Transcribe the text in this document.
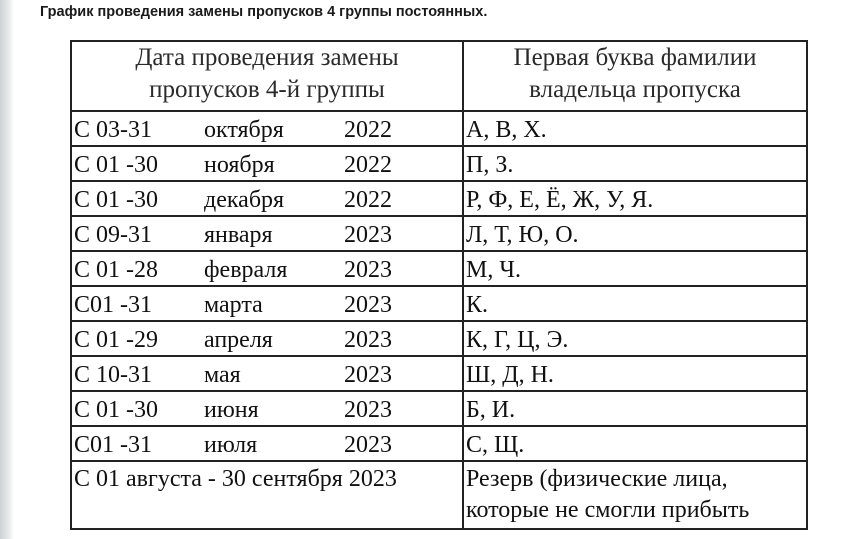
График проведения замены пропусков 4 группы постоянных.
Дата проведения замены
пропусков 4-й группы	Первая буква фамилии
владельца пропуска

С 03-31 октября 2022	А, В, Х.

С 01 -30 ноября 2022	П, З.

С 01 -30 декабря 2022	Р, Ф, Е, Ё, Ж, У, Я.

С 09-31 января 2023	Л, Т, Ю, О.

С 01 -28 февраля 2023	М, Ч.

С01 -31 марта 2023	К.

С 01 -29 апреля 2023	К, Г, Ц, Э.

С 10-31 мая 2023	Ш, Д, Н.

С 01 -30 июня 2023	Б, И.

С01 -31 июля 2023	С, Щ.

С 01 августа - 30 сентября 2023	Резерв (физические лица,
которые не смогли прибыть
